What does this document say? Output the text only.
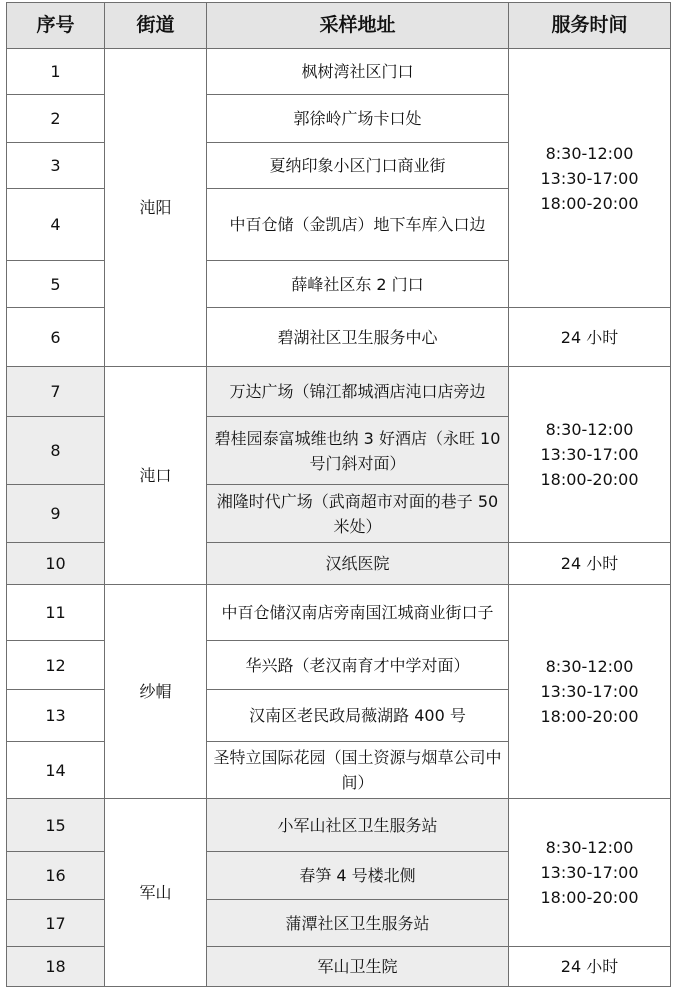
序号	街道	采样地址	服务时间
1	沌阳	枫树湾社区门口	8:30-12:00
13:30-17:00
18:00-20:00

2		郭徐岭广场卡口处	
3		夏纳印象小区门口商业街	
4		中百仓储（金凯店）地下车库入口边	
5		薛峰社区东 2 门口	
6		碧湖社区卫生服务中心	24 小时
7	沌口	万达广场（锦江都城酒店沌口店旁边	8:30-12:00
13:30-17:00
18:00-20:00

8		碧桂园泰富城维也纳 3 好酒店（永旺 10 号门斜对面）	
9		湘隆时代广场（武商超市对面的巷子 50 米处）	
10		汉纸医院	24 小时
11	纱帽	中百仓储汉南店旁南国江城商业街口子	8:30-12:00
13:30-17:00
18:00-20:00

12		华兴路（老汉南育才中学对面）	
13		汉南区老民政局薇湖路 400 号	
14		圣特立国际花园（国土资源与烟草公司中间）	
15	军山	小军山社区卫生服务站	8:30-12:00
13:30-17:00
18:00-20:00

16		春笋 4 号楼北侧	
17		蒲潭社区卫生服务站	
18		军山卫生院	24 小时
